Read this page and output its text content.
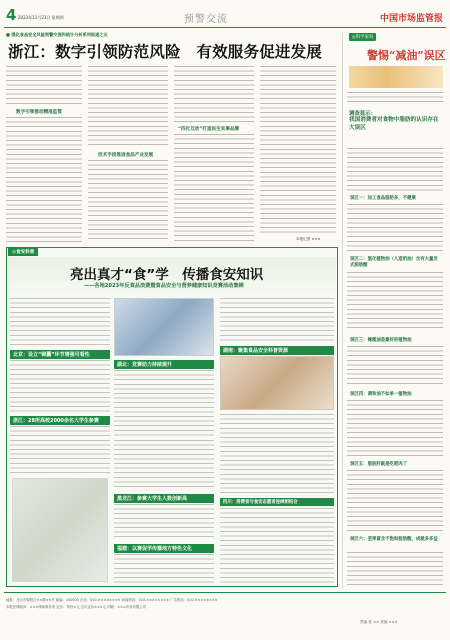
4 2023年11月23日 星期四	预警交流	中国市场监管报
■ 强化食品安全风险预警交流和统计分析系列报道之五
浙江：数字引领防范风险　有效服务促进发展
数字引领推动精准监管
技术手段推进食品产业发展
“四化互动”打造民生实事品牌
本报记者 ×××
◎科学家说
警惕“减油”误区
调查显示：
我国消费者对食物中脂肪的认识存在大误区
误区一：加工食品脂肪多，不健康
误区二：氢化植物油（人造奶油）含有大量反式脂肪酸
误区三：橄榄油是最好的植物油
误区四：调和油不如单一植物油
误区五：脂肪肝就是吃肥肉了
误区六：坚果富含不饱和脂肪酸，成就多多益
◎食安科普
亮出真才“食”学　传播食安知识
——各地2023年反食品浪费暨食品安全与营养健康知识竞赛活动集锦
北京：设立“锦囊”环节增强可看性
浙江：28所高校2000余名大学生参赛
湖北：竞赛助力持续提升
黑龙江：参赛大学生人数创新高
福建：以赛促学传播地方特色文化
湖南：聚集食品安全科普资源
四川：消费者与食安志愿者连续相结合
地址：北京市朝阳区××路××号 邮编：100000 总机：010-×××××××× 新闻热线：010-×××××××× 广告热线：010-××××××××
本报法律顾问：×××律师事务所 定价：每份×元 全年定价×××元 印刷：×××印务有限公司
责编 张 ×× 美编 ×××
